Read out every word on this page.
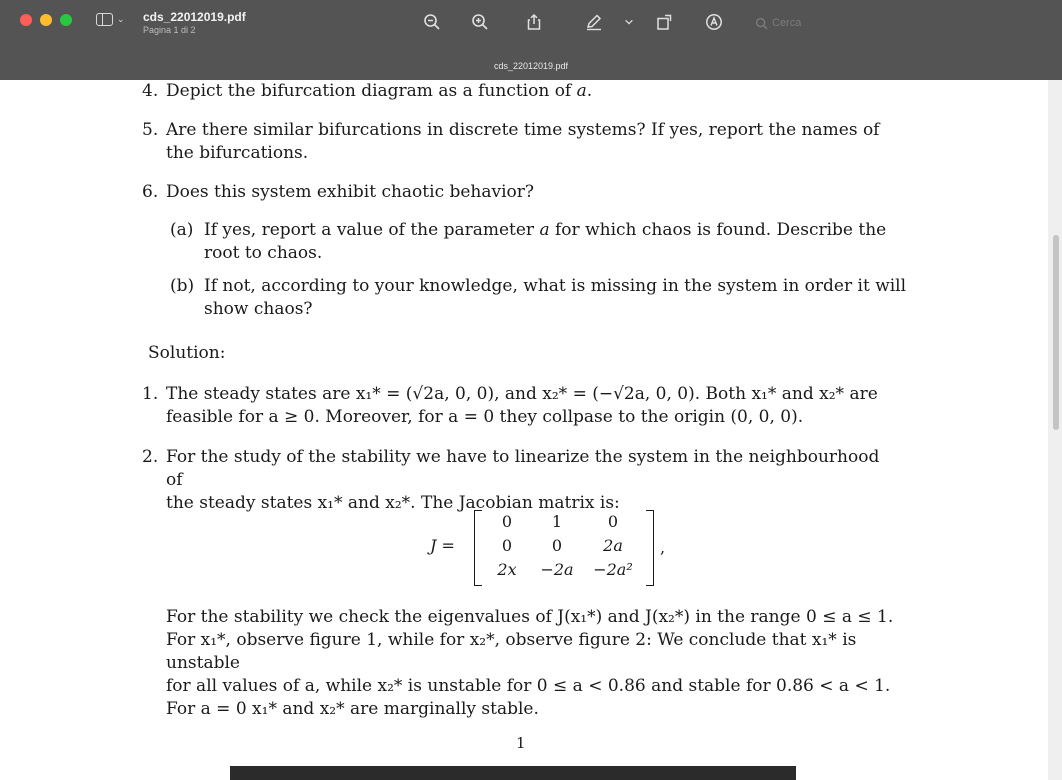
⌄ cds_22012019.pdf
Pagina 1 di 2
Cerca
cds_22012019.pdf
4. Depict the bifurcation diagram as a function of a.
5. Are there similar bifurcations in discrete time systems? If yes, report the names of
the bifurcations.
6. Does this system exhibit chaotic behavior?
(a) If yes, report a value of the parameter a for which chaos is found. Describe the
root to chaos.
(b) If not, according to your knowledge, what is missing in the system in order it will
show chaos?
Solution:
1. The steady states are x₁* = (√2a, 0, 0), and x₂* = (−√2a, 0, 0). Both x₁* and x₂* are
feasible for a ≥ 0. Moreover, for a = 0 they collpase to the origin (0, 0, 0).
2. For the study of the stability we have to linearize the system in the neighbourhood of
the steady states x₁* and x₂*. The Jacobian matrix is:
J =
0	1	0
0	0	2a
2x	−2a	−2a²
,
For the stability we check the eigenvalues of J(x₁*) and J(x₂*) in the range 0 ≤ a ≤ 1.
For x₁*, observe figure 1, while for x₂*, observe figure 2: We conclude that x₁* is unstable
for all values of a, while x₂* is unstable for 0 ≤ a < 0.86 and stable for 0.86 < a < 1.
For a = 0 x₁* and x₂* are marginally stable.
1
